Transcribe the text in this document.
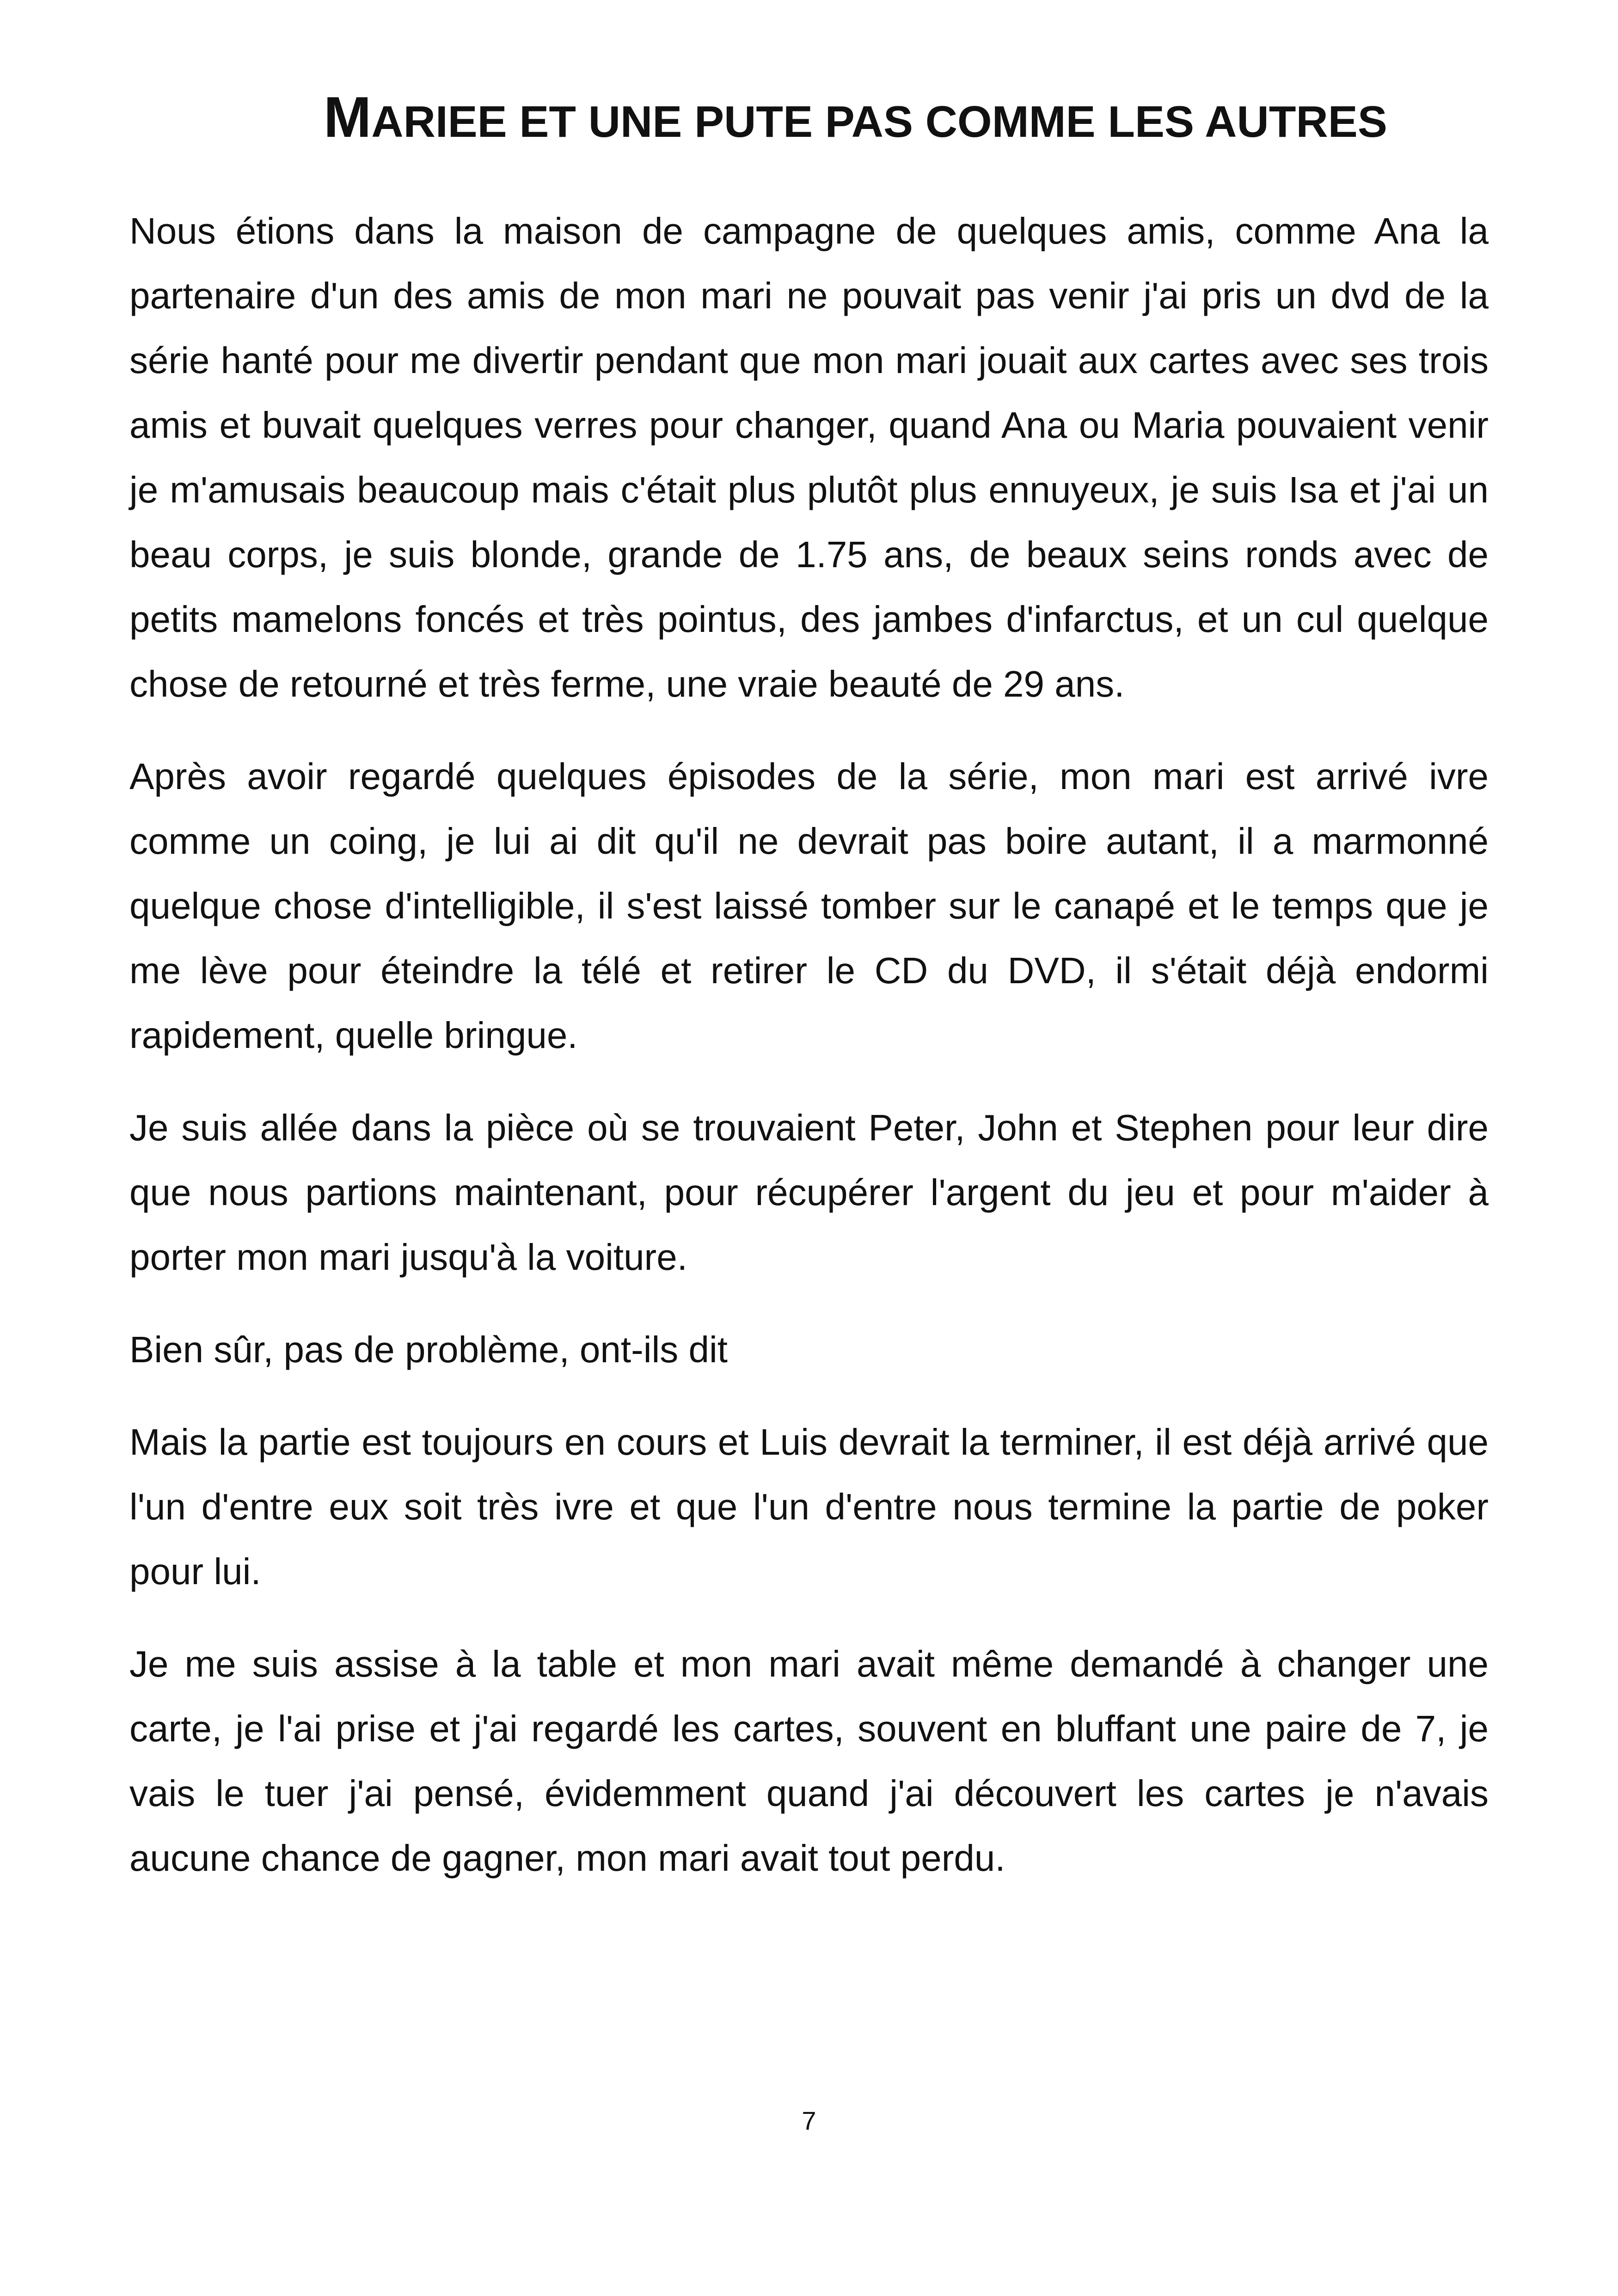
MARIEE ET UNE PUTE PAS COMME LES AUTRES

Nous étions dans la maison de campagne de quelques amis, comme Ana la partenaire d'un des amis de mon mari ne pouvait pas venir j'ai pris un dvd de la série hanté pour me divertir pendant que mon mari jouait aux cartes avec ses trois amis et buvait quelques verres pour changer, quand Ana ou Maria pouvaient venir je m'amusais beaucoup mais c'était plus plutôt plus ennuyeux, je suis Isa et j'ai un beau corps, je suis blonde, grande de 1.75 ans, de beaux seins ronds avec de petits mamelons foncés et très pointus, des jambes d'infarctus, et un cul quelque chose de retourné et très ferme, une vraie beauté de 29 ans.

Après avoir regardé quelques épisodes de la série, mon mari est arrivé ivre comme un coing, je lui ai dit qu'il ne devrait pas boire autant, il a marmonné quelque chose d'intelligible, il s'est laissé tomber sur le canapé et le temps que je me lève pour éteindre la télé et retirer le CD du DVD, il s'était déjà endormi rapidement, quelle bringue.

Je suis allée dans la pièce où se trouvaient Peter, John et Stephen pour leur dire que nous partions maintenant, pour récupérer l'argent du jeu et pour m'aider à porter mon mari jusqu'à la voiture.

Bien sûr, pas de problème, ont-ils dit

Mais la partie est toujours en cours et Luis devrait la terminer, il est déjà arrivé que l'un d'entre eux soit très ivre et que l'un d'entre nous termine la partie de poker pour lui.

Je me suis assise à la table et mon mari avait même demandé à changer une carte, je l'ai prise et j'ai regardé les cartes, souvent en bluffant une paire de 7, je vais le tuer j'ai pensé, évidemment quand j'ai découvert les cartes je n'avais aucune chance de gagner, mon mari avait tout perdu.

7
